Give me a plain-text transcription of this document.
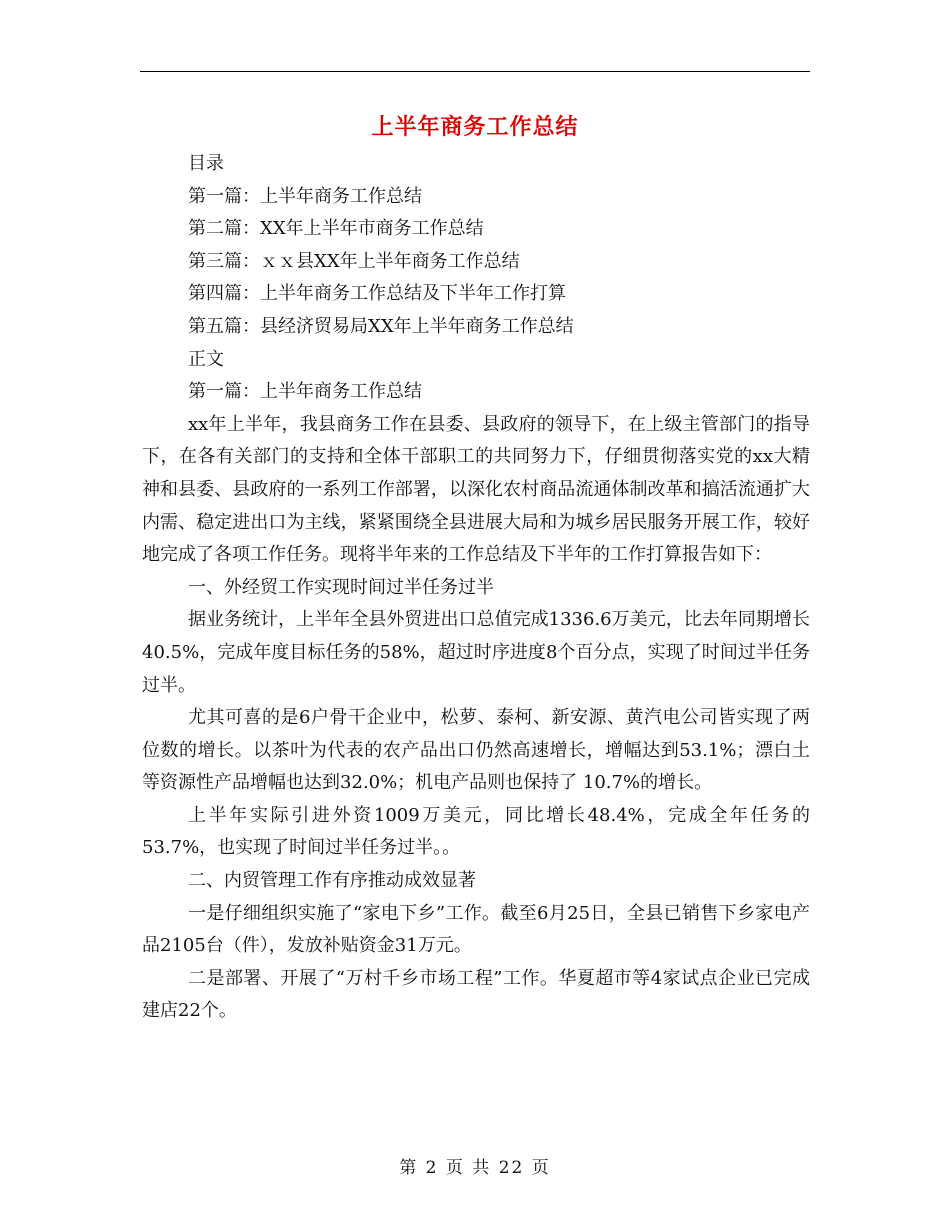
上半年商务工作总结
目录
第一篇：上半年商务工作总结
第二篇：XX年上半年市商务工作总结
第三篇：ｘｘ县XX年上半年商务工作总结
第四篇：上半年商务工作总结及下半年工作打算
第五篇：县经济贸易局XX年上半年商务工作总结
正文
第一篇：上半年商务工作总结
xx年上半年，我县商务工作在县委、县政府的领导下，在上级主管部门的指导下，在各有关部门的支持和全体干部职工的共同努力下，仔细贯彻落实党的xx大精神和县委、县政府的一系列工作部署，以深化农村商品流通体制改革和搞活流通扩大内需、稳定进出口为主线，紧紧围绕全县进展大局和为城乡居民服务开展工作，较好地完成了各项工作任务。现将半年来的工作总结及下半年的工作打算报告如下：
一、外经贸工作实现时间过半任务过半
据业务统计，上半年全县外贸进出口总值完成1336.6万美元，比去年同期增长40.5%，完成年度目标任务的58%，超过时序进度8个百分点，实现了时间过半任务过半。
尤其可喜的是6户骨干企业中，松萝、泰柯、新安源、黄汽电公司皆实现了两位数的增长。以茶叶为代表的农产品出口仍然高速增长，增幅达到53.1%；漂白土等资源性产品增幅也达到32.0%；机电产品则也保持了 10.7%的增长。
上半年实际引进外资1009万美元，同比增长48.4%，完成全年任务的53.7%，也实现了时间过半任务过半。。
二、内贸管理工作有序推动成效显著
一是仔细组织实施了“家电下乡”工作。截至6月25日，全县已销售下乡家电产品2105台（件），发放补贴资金31万元。
二是部署、开展了“万村千乡市场工程”工作。华夏超市等4家试点企业已完成建店22个。
第 2 页 共 22 页
